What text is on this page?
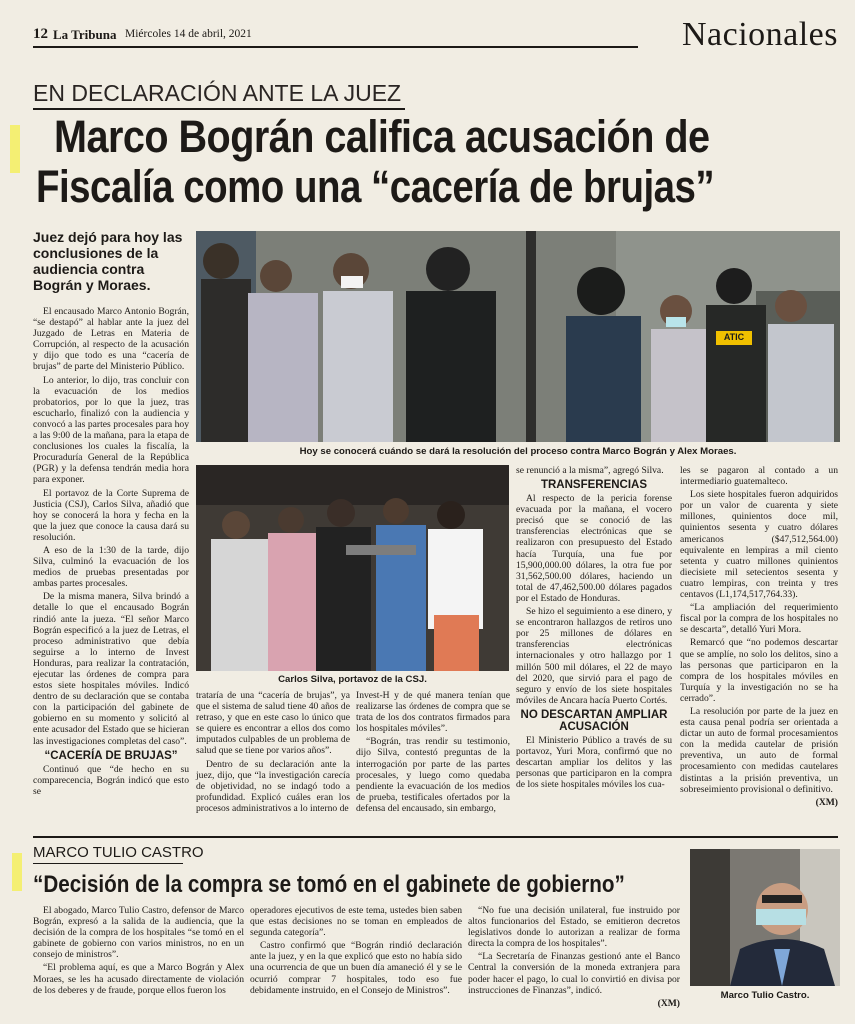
12 La Tribuna Miércoles 14 de abril, 2021	Nacionales
EN DECLARACIÓN ANTE LA JUEZ
Marco Bográn califica acusación de
Fiscalía como una “cacería de brujas”
Juez dejó para hoy las conclusiones de la audiencia contra Bográn y Moraes.
ATIC
Hoy se conocerá cuándo se dará la resolución del proceso contra Marco Bográn y Alex Moraes.
Carlos Silva, portavoz de la CSJ.

El encausado Marco Antonio Bográn, “se destapó” al hablar ante la juez del Juzgado de Letras en Materia de Corrupción, al respecto de la acusación y dijo que todo es una “cacería de brujas” de parte del Ministerio Público.

Lo anterior, lo dijo, tras concluir con la evacuación de los medios probatorios, por lo que la juez, tras escucharlo, finalizó con la audiencia y convocó a las partes procesales para hoy a las 9:00 de la mañana, para la etapa de conclusiones los cuales la fiscalía, la Procuraduría General de la República (PGR) y la defensa tendrán media hora para exponer.

El portavoz de la Corte Suprema de Justicia (CSJ), Carlos Silva, añadió que hoy se conocerá la hora y fecha en la que la juez que conoce la causa dará su resolución.

A eso de la 1:30 de la tarde, dijo Silva, culminó la evacuación de los medios de pruebas presentadas por ambas partes procesales.

De la misma manera, Silva brindó a detalle lo que el encausado Bográn rindió ante la jueza. “El señor Marco Bográn especificó a la juez de Letras, el proceso administrativo que debía seguirse a lo interno de Invest Honduras, para realizar la contratación, ejecutar las órdenes de compra para estos siete hospitales móviles. Indicó dentro de su declaración que se contaba con la participación del gabinete de gobierno en su momento y solicitó al ente acusador del Estado que se hicieran las investigaciones completas del caso”.

“CACERÍA DE BRUJAS”

Continuó que “de hecho en su comparecencia, Bográn indicó que esto se

trataría de una “cacería de brujas”, ya que el sistema de salud tiene 40 años de retraso, y que en este caso lo único que se quiere es encontrar a ellos dos como imputados culpables de un problema de salud que se tiene por varios años”.

Dentro de su declaración ante la juez, dijo, que “la investigación carecía de objetividad, no se indagó todo a profundidad. Explicó cuáles eran los procesos administrativos a lo interno de

Invest-H y de qué manera tenían que realizarse las órdenes de compra que se trata de los dos contratos firmados para los hospitales móviles”.

“Bográn, tras rendir su testimonio, dijo Silva, contestó preguntas de la interrogación por parte de las partes procesales, y luego como quedaba pendiente la evacuación de los medios de prueba, testificales ofertados por la defensa del encausado, sin embargo,

se renunció a la misma”, agregó Silva.

TRANSFERENCIAS

Al respecto de la pericia forense evacuada por la mañana, el vocero precisó que se conoció de las transferencias electrónicas que se realizaron con presupuesto del Estado hacía Turquía, una fue por 15,900,000.00 dólares, la otra fue por 31,562,500.00 dólares, haciendo un total de 47,462,500.00 dólares pagados por el Estado de Honduras.

Se hizo el seguimiento a ese dinero, y se encontraron hallazgos de retiros uno por 25 millones de dólares en transferencias electrónicas internacionales y otro hallazgo por 1 millón 500 mil dólares, el 22 de mayo del 2020, que sirvió para el pago de seguro y envío de los siete hospitales móviles de Ancara hacía Puerto Cortés.

NO DESCARTAN AMPLIAR ACUSACIÓN

El Ministerio Público a través de su portavoz, Yuri Mora, confirmó que no descartan ampliar los delitos y las personas que participaron en la compra de los siete hospitales móviles los cua-

les se pagaron al contado a un intermediario guatemalteco.

Los siete hospitales fueron adquiridos por un valor de cuarenta y siete millones, quinientos doce mil, quinientos sesenta y cuatro dólares americanos ($47,512,564.00) equivalente en lempiras a mil ciento setenta y cuatro millones quinientos diecisiete mil setecientos sesenta y cuatro lempiras, con treinta y tres centavos (L1,174,517,764.33).

“La ampliación del requerimiento fiscal por la compra de los hospitales no se descarta”, detalló Yuri Mora.

Remarcó que “no podemos descartar que se amplíe, no solo los delitos, sino a las personas que participaron en la compra de los hospitales móviles en Turquía y la investigación no se ha cerrado”.

La resolución por parte de la juez en esta causa penal podría ser orientada a dictar un auto de formal procesamientos con la medida cautelar de prisión preventiva, un auto de formal procesamiento con medidas cautelares distintas a la prisión preventiva, un sobreseimiento provisional o definitivo.

(XM)
MARCO TULIO CASTRO
“Decisión de la compra se tomó en el gabinete de gobierno”

El abogado, Marco Tulio Castro, defensor de Marco Bográn, expresó a la salida de la audiencia, que la decisión de la compra de los hospitales “se tomó en el gabinete de gobierno con varios ministros, no en un consejo de ministros”.

“El problema aquí, es que a Marco Bográn y Alex Moraes, se les ha acusado directamente de violación de los deberes y de fraude, porque ellos fueron los

operadores ejecutivos de este tema, ustedes bien saben que estas decisiones no se toman en empleados de segunda categoría”.

Castro confirmó que “Bográn rindió declaración ante la juez, y en la que explicó que esto no había sido una ocurrencia de que un buen día amaneció él y se le ocurrió comprar 7 hospitales, todo eso fue debidamente instruido, en el Consejo de Ministros”.

“No fue una decisión unilateral, fue instruido por altos funcionarios del Estado, se emitieron decretos legislativos donde lo autorizan a realizar de forma directa la compra de los hospitales”.

“La Secretaría de Finanzas gestionó ante el Banco Central la conversión de la moneda extranjera para poder hacer el pago, lo cual lo convirtió en divisa por instrucciones de Finanzas”, indicó.

(XM)
Marco Tulio Castro.
